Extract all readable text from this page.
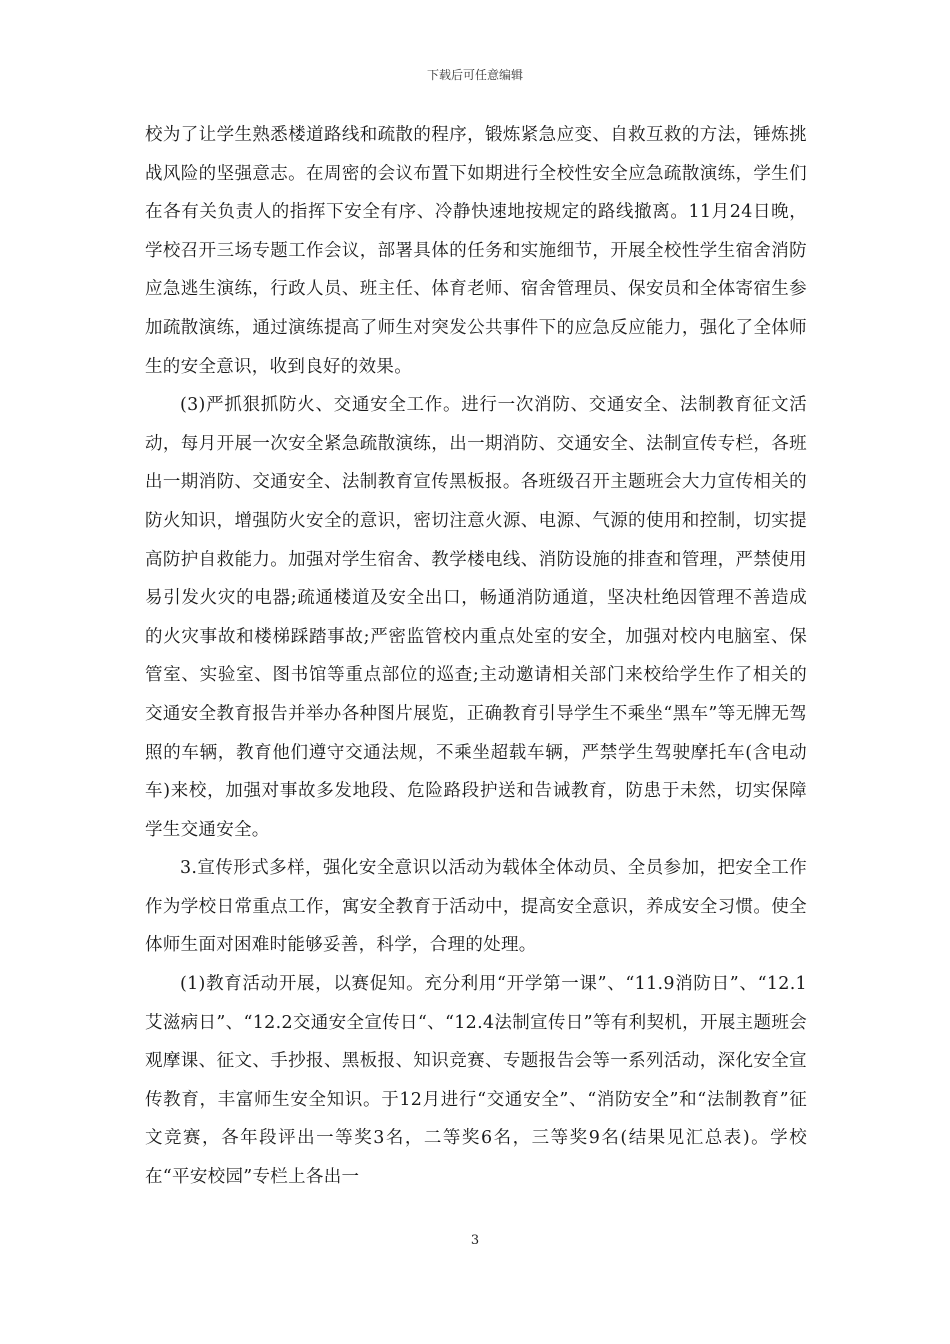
下载后可任意编辑

校为了让学生熟悉楼道路线和疏散的程序，锻炼紧急应变、自救互救的方法，锤炼挑战风险的坚强意志。在周密的会议布置下如期进行全校性安全应急疏散演练，学生们在各有关负责人的指挥下安全有序、冷静快速地按规定的路线撤离。11月24日晚，学校召开三场专题工作会议，部署具体的任务和实施细节，开展全校性学生宿舍消防应急逃生演练，行政人员、班主任、体育老师、宿舍管理员、保安员和全体寄宿生参加疏散演练，通过演练提高了师生对突发公共事件下的应急反应能力，强化了全体师生的安全意识，收到良好的效果。

(3)严抓狠抓防火、交通安全工作。进行一次消防、交通安全、法制教育征文活动，每月开展一次安全紧急疏散演练，出一期消防、交通安全、法制宣传专栏，各班出一期消防、交通安全、法制教育宣传黑板报。各班级召开主题班会大力宣传相关的防火知识，增强防火安全的意识，密切注意火源、电源、气源的使用和控制，切实提高防护自救能力。加强对学生宿舍、教学楼电线、消防设施的排查和管理，严禁使用易引发火灾的电器;疏通楼道及安全出口，畅通消防通道，坚决杜绝因管理不善造成的火灾事故和楼梯踩踏事故;严密监管校内重点处室的安全，加强对校内电脑室、保管室、实验室、图书馆等重点部位的巡查;主动邀请相关部门来校给学生作了相关的交通安全教育报告并举办各种图片展览，正确教育引导学生不乘坐“黑车”等无牌无驾照的车辆，教育他们遵守交通法规，不乘坐超载车辆，严禁学生驾驶摩托车(含电动车)来校，加强对事故多发地段、危险路段护送和告诫教育，防患于未然，切实保障学生交通安全。

3.宣传形式多样，强化安全意识以活动为载体全体动员、全员参加，把安全工作作为学校日常重点工作，寓安全教育于活动中，提高安全意识，养成安全习惯。使全体师生面对困难时能够妥善，科学，合理的处理。

(1)教育活动开展，以赛促知。充分利用“开学第一课”、“11.9消防日”、“12.1艾滋病日”、“12.2交通安全宣传日“、“12.4法制宣传日”等有利契机，开展主题班会观摩课、征文、手抄报、黑板报、知识竞赛、专题报告会等一系列活动，深化安全宣传教育，丰富师生安全知识。于12月进行“交通安全”、“消防安全”和“法制教育”征文竞赛，各年段评出一等奖3名，二等奖6名，三等奖9名(结果见汇总表)。学校在“平安校园”专栏上各出一

3
